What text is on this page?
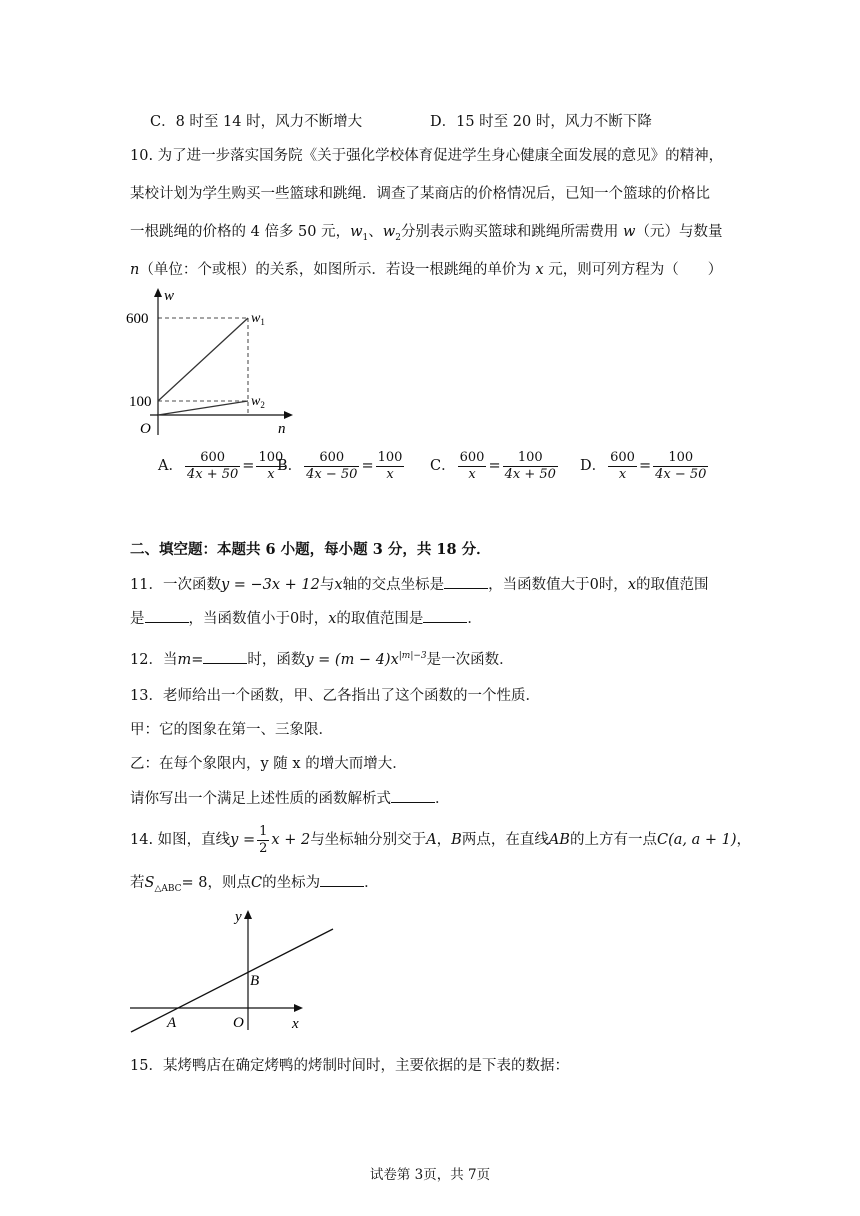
C．8 时至 14 时，风力不断增大	D．15 时至 20 时，风力不断下降
10. 为了进一步落实国务院《关于强化学校体育促进学生身心健康全面发展的意见》的精神，
某校计划为学生购买一些篮球和跳绳．调查了某商店的价格情况后，已知一个篮球的价格比
一根跳绳的价格的 4 倍多 50 元，$w_1$、$w_2$分别表示购买篮球和跳绳所需费用 w（元）与数量
n（单位：个或根）的关系，如图所示．若设一根跳绳的单价为 x 元，则可列方程为（　　）
w
n
O
600
100
$w_1$
$w_2$
A． $\frac{600}{4x + 50} = \frac{100}{x}$
B． $\frac{600}{4x - 50} = \frac{100}{x}$ C． $\frac{600}{x} = \frac{100}{4x + 50}$ D． $\frac{600}{x} = \frac{100}{4x - 50}$
二、填空题：本题共 6 小题，每小题 3 分，共 18 分．
11．一次函数y = −3x + 12与x轴的交点坐标是	，当函数值大于0时，x的取值范围
是	，当函数值小于0时，x的取值范围是	．
12．当m=	时，函数$y = (m - 4)x^{|m|-3}$是一次函数．
13．老师给出一个函数，甲、乙各指出了这个函数的一个性质．
甲：它的图象在第一、三象限．
乙：在每个象限内，y 随 x 的增大而增大．
请你写出一个满足上述性质的函数解析式	．
14. 如图，直线$y = \frac{1}{2}$ x + 2与坐标轴分别交于A，B两点，在直线AB的上方有一点C(a, a + 1)，
若$S_{\triangle ABC}= 8$，则点C的坐标为	．
y
x
A
B
O
15．某烤鸭店在确定烤鸭的烤制时间时，主要依据的是下表的数据：
试卷第 3页，共 7页
